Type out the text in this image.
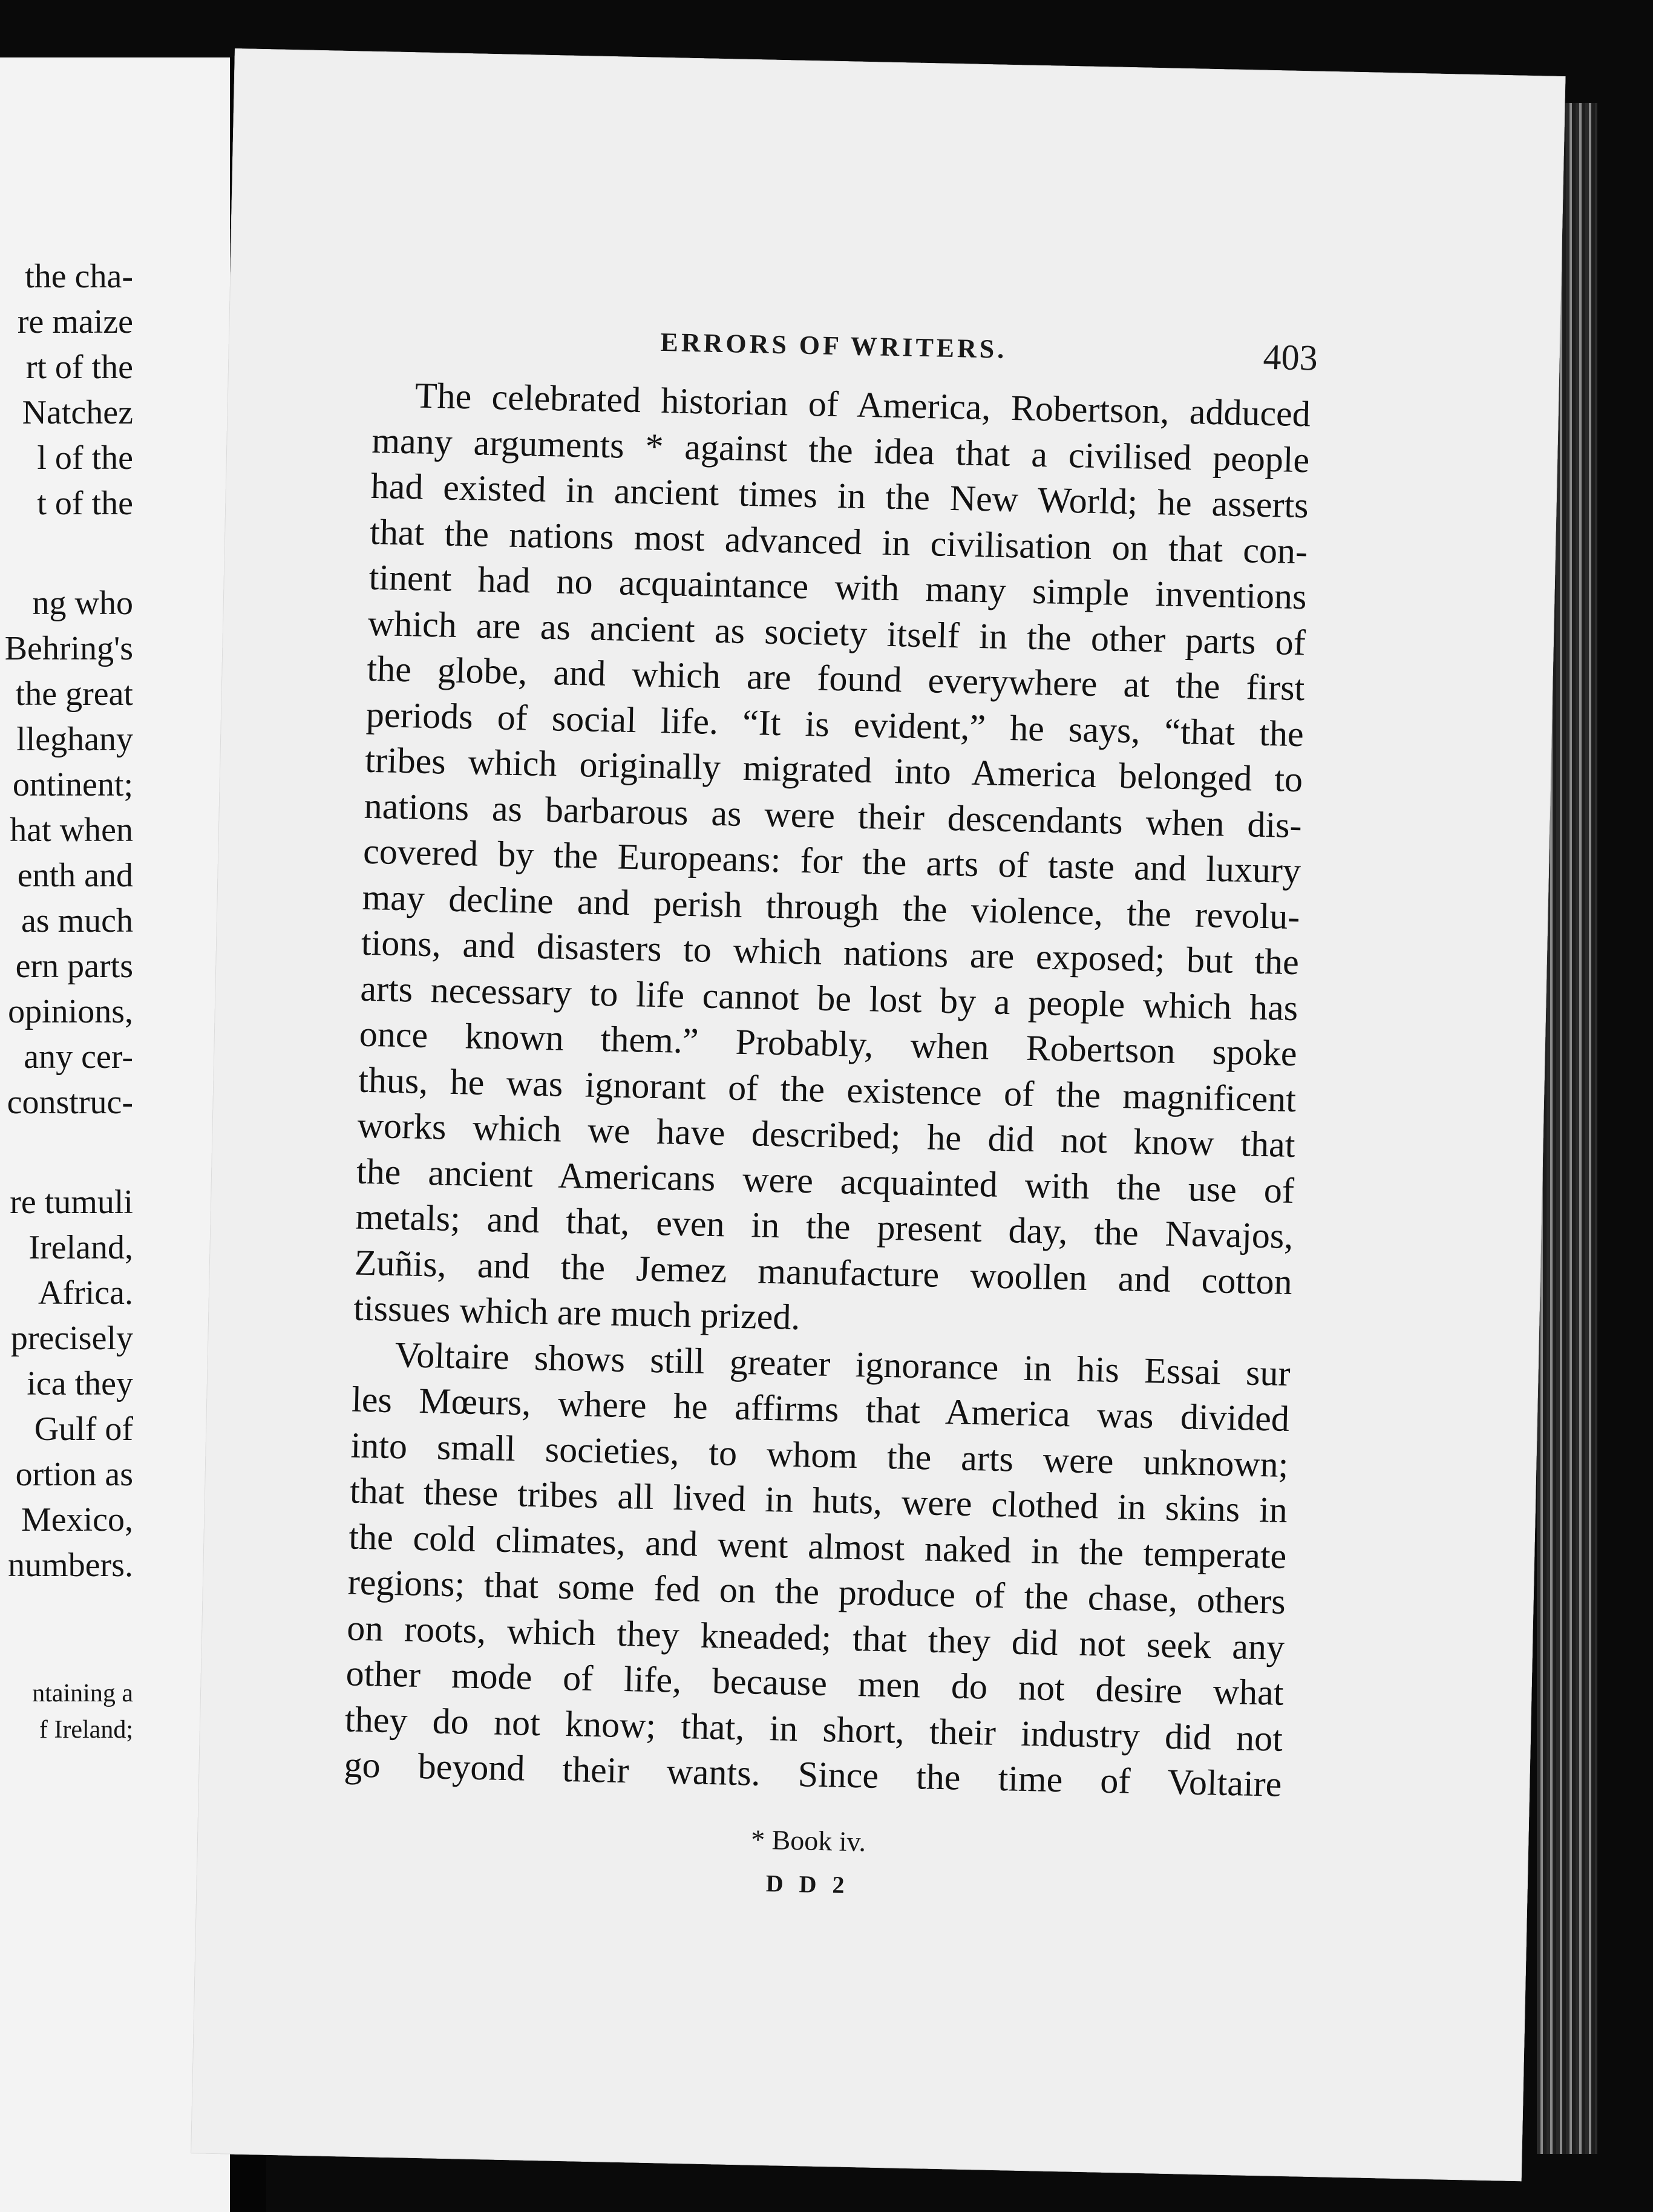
the cha-
re maize
rt of the
Natchez
l of the
t of the
ng who
Behring's
the great
lleghany
ontinent;
hat when
enth and
as much
ern parts
opinions,
any cer-
construc-
re tumuli
Ireland,
Africa.
precisely
ica they
Gulf of
ortion as
Mexico,
numbers.
ntaining a
f Ireland;
ERRORS OF WRITERS.	403
The celebrated historian of America, Robertson, adduced
many arguments * against the idea that a civilised people
had existed in ancient times in the New World; he asserts
that the nations most advanced in civilisation on that con-
tinent had no acquaintance with many simple inventions
which are as ancient as society itself in the other parts of
the globe, and which are found everywhere at the first
periods of social life. “It is evident,” he says, “that the
tribes which originally migrated into America belonged to
nations as barbarous as were their descendants when dis-
covered by the Europeans: for the arts of taste and luxury
may decline and perish through the violence, the revolu-
tions, and disasters to which nations are exposed; but the
arts necessary to life cannot be lost by a people which has
once known them.” Probably, when Robertson spoke
thus, he was ignorant of the existence of the magnificent
works which we have described; he did not know that
the ancient Americans were acquainted with the use of
metals; and that, even in the present day, the Navajos,
Zuñis, and the Jemez manufacture woollen and cotton
tissues which are much prized.
Voltaire shows still greater ignorance in his Essai sur
les Mœurs, where he affirms that America was divided
into small societies, to whom the arts were unknown;
that these tribes all lived in huts, were clothed in skins in
the cold climates, and went almost naked in the temperate
regions; that some fed on the produce of the chase, others
on roots, which they kneaded; that they did not seek any
other mode of life, because men do not desire what
they do not know; that, in short, their industry did not
go beyond their wants. Since the time of Voltaire
* Book iv.
D D 2
